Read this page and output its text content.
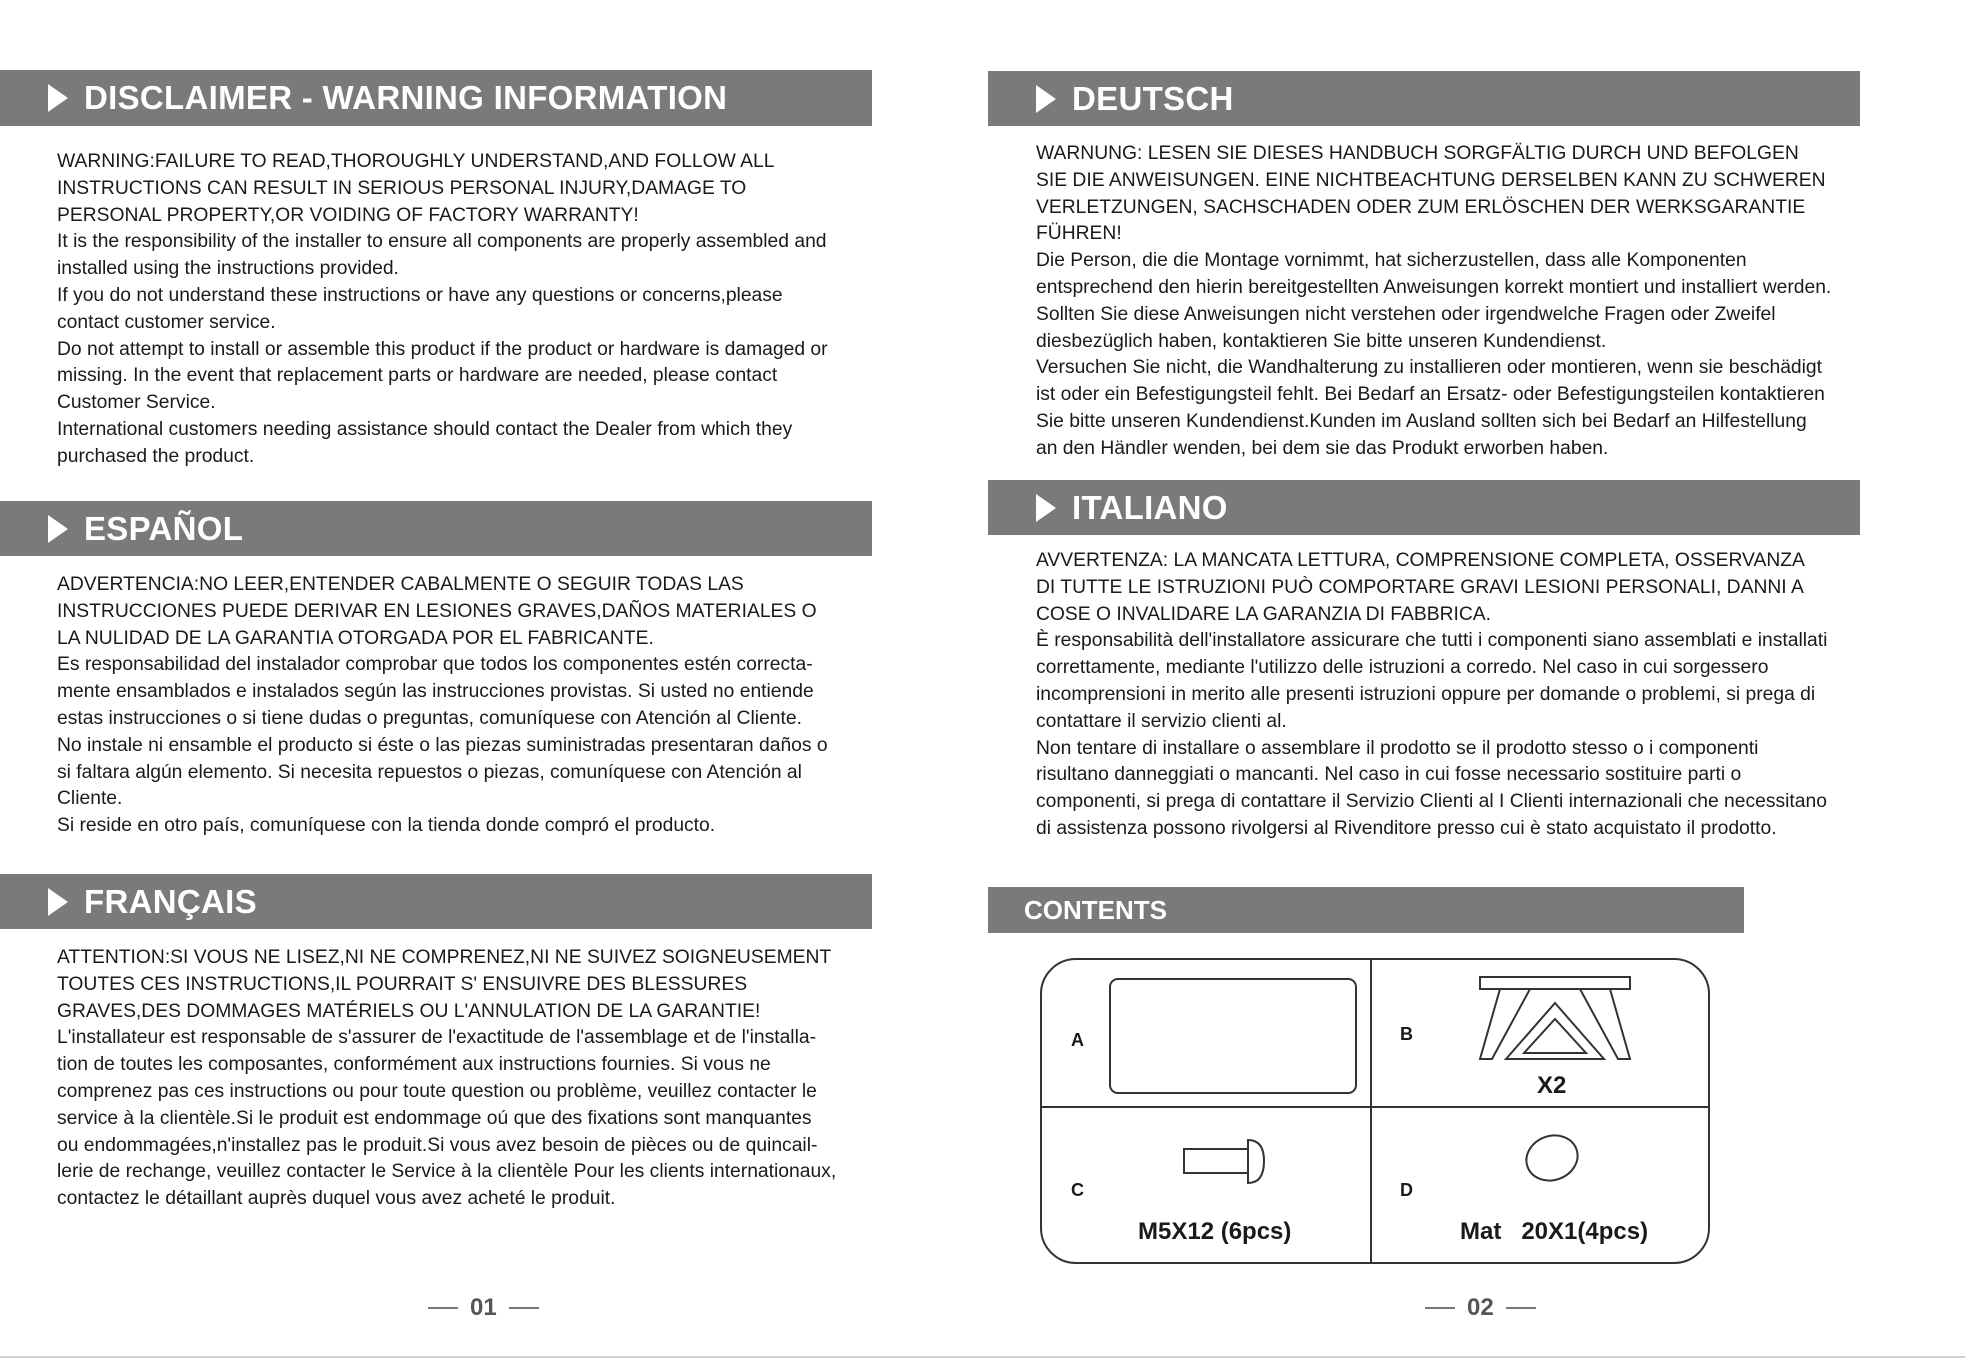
DISCLAIMER - WARNING INFORMATION
WARNING:FAILURE TO READ,THOROUGHLY UNDERSTAND,AND FOLLOW ALL
INSTRUCTIONS CAN RESULT IN SERIOUS PERSONAL INJURY,DAMAGE TO
PERSONAL PROPERTY,OR VOIDING OF FACTORY WARRANTY!
It is the responsibility of the installer to ensure all components are properly assembled and
installed using the instructions provided.
If you do not understand these instructions or have any questions or concerns,please
contact customer service.
Do not attempt to install or assemble this product if the product or hardware is damaged or
missing. In the event that replacement parts or hardware are needed, please contact
Customer Service.
International customers needing assistance should contact the Dealer from which they
purchased the product.
ESPAÑOL
ADVERTENCIA:NO LEER,ENTENDER CABALMENTE O SEGUIR TODAS LAS
INSTRUCCIONES PUEDE DERIVAR EN LESIONES GRAVES,DAÑOS MATERIALES O
LA NULIDAD DE LA GARANTIA OTORGADA POR EL FABRICANTE.
Es responsabilidad del instalador comprobar que todos los componentes estén correcta-
mente ensamblados e instalados según las instrucciones provistas. Si usted no entiende
estas instrucciones o si tiene dudas o preguntas, comuníquese con Atención al Cliente.
No instale ni ensamble el producto si éste o las piezas suministradas presentaran daños o
si faltara algún elemento. Si necesita repuestos o piezas, comuníquese con Atención al
Cliente.
Si reside en otro país, comuníquese con la tienda donde compró el producto.
FRANÇAIS
ATTENTION:SI VOUS NE LISEZ,NI NE COMPRENEZ,NI NE SUIVEZ SOIGNEUSEMENT
TOUTES CES INSTRUCTIONS,IL POURRAIT S' ENSUIVRE DES BLESSURES
GRAVES,DES DOMMAGES MATÉRIELS OU L'ANNULATION DE LA GARANTIE!
L'installateur est responsable de s'assurer de l'exactitude de l'assemblage et de l'installa-
tion de toutes les composantes, conformément aux instructions fournies. Si vous ne
comprenez pas ces instructions ou pour toute question ou problème, veuillez contacter le
service à la clientèle.Si le produit est endommage oú que des fixations sont manquantes
ou endommagées,n'installez pas le produit.Si vous avez besoin de pièces ou de quincail-
lerie de rechange, veuillez contacter le Service à la clientèle Pour les clients internationaux,
contactez le détaillant auprès duquel vous avez acheté le produit.
01
DEUTSCH
WARNUNG: LESEN SIE DIESES HANDBUCH SORGFÄLTIG DURCH UND BEFOLGEN
SIE DIE ANWEISUNGEN. EINE NICHTBEACHTUNG DERSELBEN KANN ZU SCHWEREN
VERLETZUNGEN, SACHSCHADEN ODER ZUM ERLÖSCHEN DER WERKSGARANTIE
FÜHREN!
Die Person, die die Montage vornimmt, hat sicherzustellen, dass alle Komponenten
entsprechend den hierin bereitgestellten Anweisungen korrekt montiert und installiert werden.
Sollten Sie diese Anweisungen nicht verstehen oder irgendwelche Fragen oder Zweifel
diesbezüglich haben, kontaktieren Sie bitte unseren Kundendienst.
Versuchen Sie nicht, die Wandhalterung zu installieren oder montieren, wenn sie beschädigt
ist oder ein Befestigungsteil fehlt. Bei Bedarf an Ersatz- oder Befestigungsteilen kontaktieren
Sie bitte unseren Kundendienst.Kunden im Ausland sollten sich bei Bedarf an Hilfestellung
an den Händler wenden, bei dem sie das Produkt erworben haben.
ITALIANO
AVVERTENZA: LA MANCATA LETTURA, COMPRENSIONE COMPLETA, OSSERVANZA
DI TUTTE LE ISTRUZIONI PUÒ COMPORTARE GRAVI LESIONI PERSONALI, DANNI A
COSE O INVALIDARE LA GARANZIA DI FABBRICA.
È responsabilità dell'installatore assicurare che tutti i componenti siano assemblati e installati
correttamente, mediante l'utilizzo delle istruzioni a corredo. Nel caso in cui sorgessero
incomprensioni in merito alle presenti istruzioni oppure per domande o problemi, si prega di
contattare il servizio clienti al.
Non tentare di installare o assemblare il prodotto se il prodotto stesso o i componenti
risultano danneggiati o mancanti. Nel caso in cui fosse necessario sostituire parti o
componenti, si prega di contattare il Servizio Clienti al I Clienti internazionali che necessitano
di assistenza possono rivolgersi al Rivenditore presso cui è stato acquistato il prodotto.
CONTENTS
A	B
X2
C
M5X12 (6pcs)
D
Mat   20X1(4pcs)
02
